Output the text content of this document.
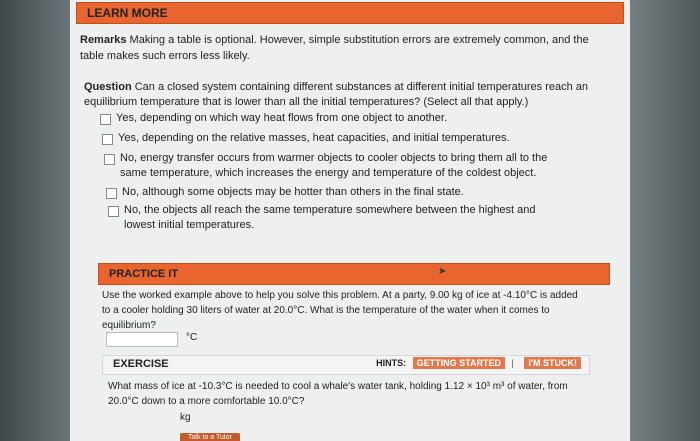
LEARN MORE
Remarks Making a table is optional. However, simple substitution errors are extremely common, and the table makes such errors less likely.
Question Can a closed system containing different substances at different initial temperatures reach an equilibrium temperature that is lower than all the initial temperatures? (Select all that apply.)
Yes, depending on which way heat flows from one object to another.
Yes, depending on the relative masses, heat capacities, and initial temperatures.
No, energy transfer occurs from warmer objects to cooler objects to bring them all to the same temperature, which increases the energy and temperature of the coldest object.
No, although some objects may be hotter than others in the final state.
No, the objects all reach the same temperature somewhere between the highest and lowest initial temperatures.
PRACTICE IT	➤
Use the worked example above to help you solve this problem. At a party, 9.00 kg of ice at -4.10°C is added to a cooler holding 30 liters of water at 20.0°C. What is the temperature of the water when it comes to equilibrium?
°C
EXERCISE	HINTS: GETTING STARTED | I'M STUCK!
What mass of ice at -10.3°C is needed to cool a whale's water tank, holding 1.12 × 10³ m³ of water, from 20.0°C down to a more comfortable 10.0°C?
kg
Talk to a Tutor
